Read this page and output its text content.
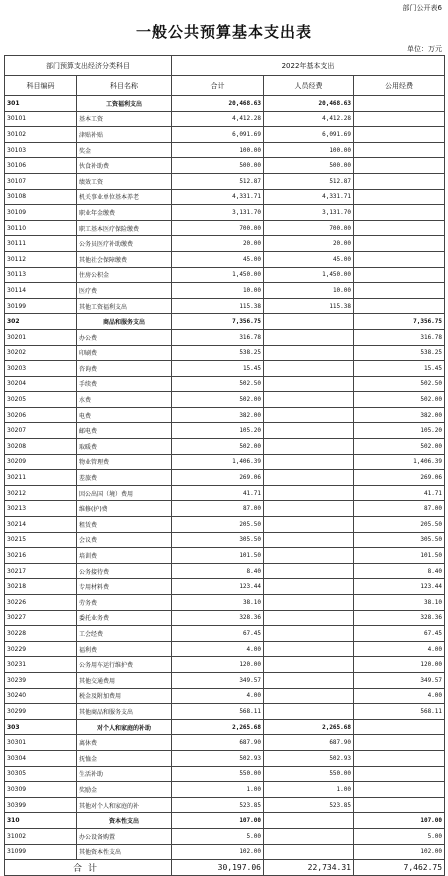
部门公开表6
一般公共预算基本支出表
单位：万元
部门预算支出经济分类科目		2022年基本支出		
科目编码	科目名称	合计	人员经费	公用经费
301	工资福利支出	20,468.63	20,468.63	
30101	基本工资	4,412.28	4,412.28	
30102	津贴补贴	6,091.69	6,091.69	
30103	奖金	100.00	100.00	
30106	伙食补助费	500.00	500.00	
30107	绩效工资	512.87	512.87	
30108	机关事业单位基本养老	4,331.71	4,331.71	
30109	职业年金缴费	3,131.70	3,131.70	
30110	职工基本医疗保险缴费	700.00	700.00	
30111	公务员医疗补助缴费	20.00	20.00	
30112	其他社会保障缴费	45.00	45.00	
30113	住房公积金	1,450.00	1,450.00	
30114	医疗费	10.00	10.00	
30199	其他工资福利支出	115.38	115.38	
302	商品和服务支出	7,356.75		7,356.75
30201	办公费	316.78		316.78
30202	印刷费	538.25		538.25
30203	咨询费	15.45		15.45
30204	手续费	502.50		502.50
30205	水费	502.00		502.00
30206	电费	382.00		382.00
30207	邮电费	105.20		105.20
30208	取暖费	502.00		502.00
30209	物业管理费	1,406.39		1,406.39
30211	差旅费	269.06		269.06
30212	因公出国（境）费用	41.71		41.71
30213	维修(护)费	87.00		87.00
30214	租赁费	205.50		205.50
30215	会议费	305.50		305.50
30216	培训费	101.50		101.50
30217	公务接待费	8.40		8.40
30218	专用材料费	123.44		123.44
30226	劳务费	38.10		38.10
30227	委托业务费	328.36		328.36
30228	工会经费	67.45		67.45
30229	福利费	4.00		4.00
30231	公务用车运行维护费	120.00		120.00
30239	其他交通费用	349.57		349.57
30240	税金及附加费用	4.00		4.00
30299	其他商品和服务支出	568.11		568.11
303	对个人和家庭的补助	2,265.68	2,265.68	
30301	离休费	687.90	687.90	
30304	抚恤金	502.93	502.93	
30305	生活补助	550.00	550.00	
30309	奖励金	1.00	1.00	
30399	其他对个人和家庭的补	523.85	523.85	
310	资本性支出	107.00		107.00
31002	办公设备购置	5.00		5.00
31099	其他资本性支出	102.00		102.00
合计		30,197.06	22,734.31	7,462.75
